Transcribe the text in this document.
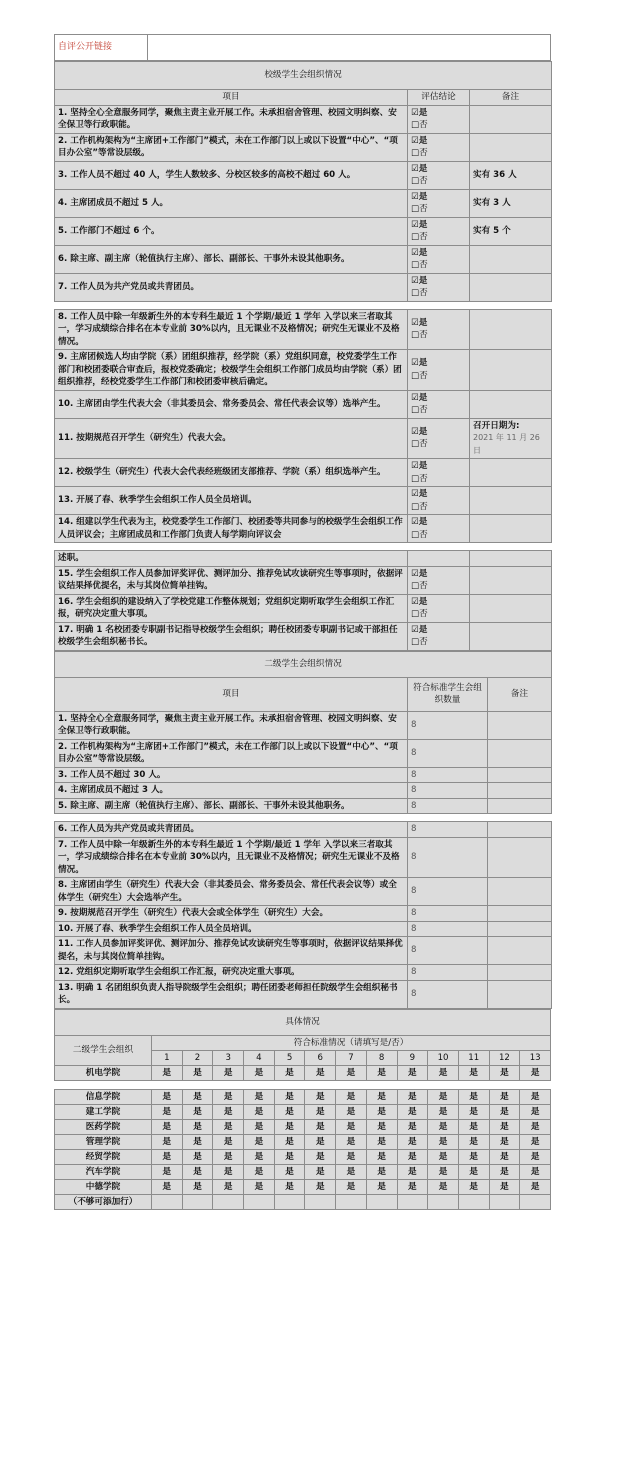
自评公开链接	
校级学生会组织情况		
项目	评估结论	备注
1. 坚持全心全意服务同学，聚焦主责主业开展工作。未承担宿舍管理、校园文明纠察、安全保卫等行政职能。	☑是
□否	

2. 工作机构架构为“主席团+工作部门”模式，未在工作部门以上或以下设置“中心”、“项目办公室”等常设层级。	☑是
□否	

3. 工作人员不超过 40 人，学生人数较多、分校区较多的高校不超过 60 人。	☑是
□否	实有 36 人
4. 主席团成员不超过 5 人。	☑是
□否	实有 3 人
5. 工作部门不超过 6 个。	☑是
□否	实有 5 个
6. 除主席、副主席（轮值执行主席）、部长、副部长、干事外未设其他职务。	☑是
□否	

7. 工作人员为共产党员或共青团员。	☑是
□否	

8. 工作人员中除一年级新生外的本专科生最近 1 个学期/最近 1 学年 入学以来三者取其一，学习成绩综合排名在本专业前 30%以内，且无课业不及格情况；研究生无课业不及格情况。	☑是
□否	

9. 主席团候选人均由学院（系）团组织推荐，经学院（系）党组织同意，校党委学生工作部门和校团委联合审查后，报校党委确定；校级学生会组织工作部门成员均由学院（系）团组织推荐，经校党委学生工作部门和校团委审核后确定。	☑是
□否	

10. 主席团由学生代表大会（非其委员会、常务委员会、常任代表会议等）选举产生。	☑是
□否	

11. 按期规范召开学生（研究生）代表大会。	☑是
□否	召开日期为:
2021 年 11 月 26 日

12. 校级学生（研究生）代表大会代表经班级团支部推荐、学院（系）组织选举产生。	☑是
□否	

13. 开展了春、秋季学生会组织工作人员全员培训。	☑是
□否	

14. 组建以学生代表为主，校党委学生工作部门、校团委等共同参与的校级学生会组织工作人员评议会；主席团成员和工作部门负责人每学期向评议会	☑是
□否	

述职。		
15. 学生会组织工作人员参加评奖评优、测评加分、推荐免试攻读研究生等事项时，依据评议结果择优提名，未与其岗位简单挂钩。	☑是
□否	

16. 学生会组织的建设纳入了学校党建工作整体规划；党组织定期听取学生会组织工作汇报，研究决定重大事项。	☑是
□否	

17. 明确 1 名校团委专职副书记指导校级学生会组织；聘任校团委专职副书记或干部担任校级学生会组织秘书长。	☑是
□否	

二级学生会组织情况		
项目	符合标准学生会组织数量	备注
1. 坚持全心全意服务同学，聚焦主责主业开展工作。未承担宿舍管理、校园文明纠察、安全保卫等行政职能。	8	
2. 工作机构架构为“主席团+工作部门”模式，未在工作部门以上或以下设置“中心”、“项目办公室”等常设层级。	8	
3. 工作人员不超过 30 人。	8	
4. 主席团成员不超过 3 人。	8	
5. 除主席、副主席（轮值执行主席）、部长、副部长、干事外未设其他职务。	8	

6. 工作人员为共产党员或共青团员。	8	
7. 工作人员中除一年级新生外的本专科生最近 1 个学期/最近 1 学年 入学以来三者取其一，学习成绩综合排名在本专业前 30%以内，且无课业不及格情况；研究生无课业不及格情况。	8	
8. 主席团由学生（研究生）代表大会（非其委员会、常务委员会、常任代表会议等）或全体学生（研究生）大会选举产生。	8	
9. 按期规范召开学生（研究生）代表大会或全体学生（研究生）大会。	8	
10. 开展了春、秋季学生会组织工作人员全员培训。	8	
11. 工作人员参加评奖评优、测评加分、推荐免试攻读研究生等事项时，依据评议结果择优提名，未与其岗位简单挂钩。	8	
12. 党组织定期听取学生会组织工作汇报，研究决定重大事项。	8	
13. 明确 1 名团组织负责人指导院级学生会组织；聘任团委老师担任院级学生会组织秘书长。	8	
具体情况													
二级学生会组织	符合标准情况（请填写是/否）												
	1	2	3	4	5	6	7	8	9	10	11	12	13
机电学院	是	是	是	是	是	是	是	是	是	是	是	是	是

信息学院	是	是	是	是	是	是	是	是	是	是	是	是	是
建工学院	是	是	是	是	是	是	是	是	是	是	是	是	是
医药学院	是	是	是	是	是	是	是	是	是	是	是	是	是
管理学院	是	是	是	是	是	是	是	是	是	是	是	是	是
经贸学院	是	是	是	是	是	是	是	是	是	是	是	是	是
汽车学院	是	是	是	是	是	是	是	是	是	是	是	是	是
中德学院	是	是	是	是	是	是	是	是	是	是	是	是	是
（不够可添加行）													
